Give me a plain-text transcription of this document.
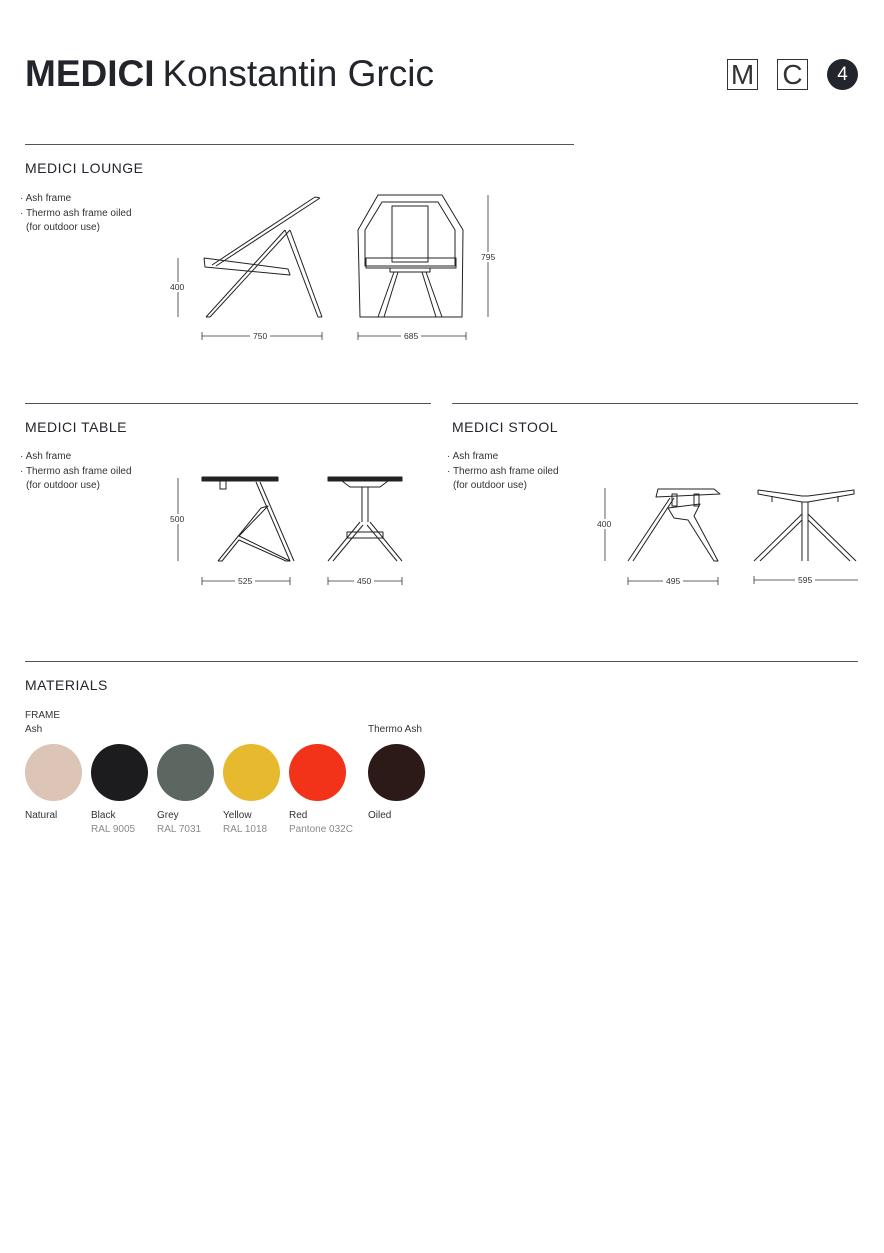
MEDICI Konstantin Grcic	M C	4
MEDICI LOUNGE
· Ash frame
· Thermo ash frame oiled
(for outdoor use)
400
750
795
685
MEDICI TABLE
· Ash frame
· Thermo ash frame oiled
(for outdoor use)
500
525	450
MEDICI STOOL
· Ash frame
· Thermo ash frame oiled
(for outdoor use)
400
495	595
MATERIALS
FRAME
Ash	Thermo Ash
Natural	Black
RAL 9005
Grey
RAL 7031
Yellow
RAL 1018
Red
Pantone 032C
Oiled
